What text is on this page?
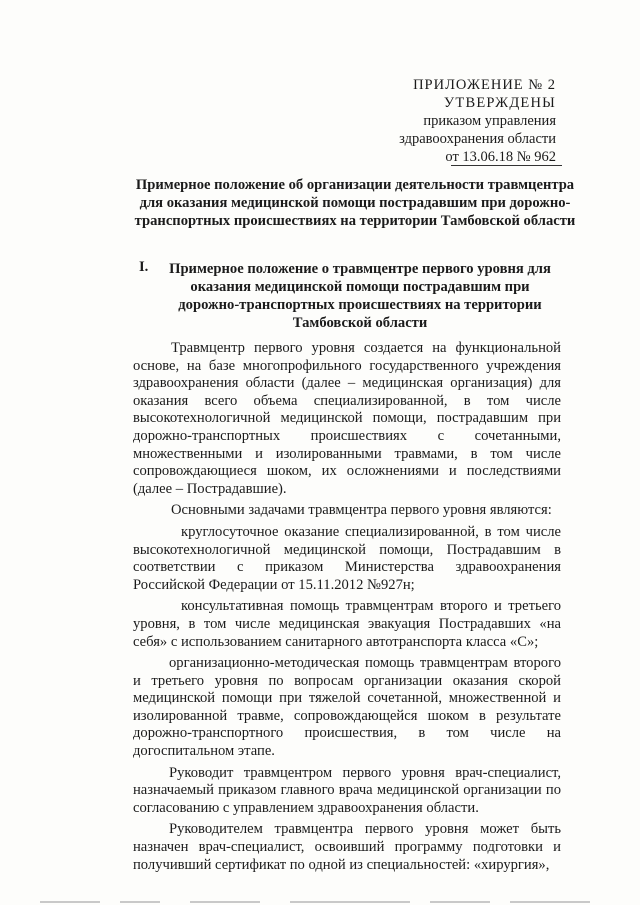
ПРИЛОЖЕНИЕ № 2
УТВЕРЖДЕНЫ
приказом управления
здравоохранения области
от 13.06.18 № 962
Примерное положение об организации деятельности травмцентра для оказания медицинской помощи пострадавшим при дорожно-транспортных происшествиях на территории Тамбовской области
I.	Примерное положение о травмцентре первого уровня для оказания медицинской помощи пострадавшим при дорожно-транспортных происшествиях на территории Тамбовской области

Травмцентр первого уровня создается на функциональной основе, на базе многопрофильного государственного учреждения здравоохранения области (далее – медицинская организация) для оказания всего объема специализированной, в том числе высокотехнологичной медицинской помощи, пострадавшим при дорожно-транспортных происшествиях с сочетанными, множественными и изолированными травмами, в том числе сопровождающиеся шоком, их осложнениями и последствиями (далее – Пострадавшие).

Основными задачами травмцентра первого уровня являются:

круглосуточное оказание специализированной, в том числе высокотехнологичной медицинской помощи, Пострадавшим в соответствии с приказом Министерства здравоохранения Российской Федерации от 15.11.2012 №927н;

консультативная помощь травмцентрам второго и третьего уровня, в том числе медицинская эвакуация Пострадавших «на себя» с использованием санитарного автотранспорта класса «С»;

организационно-методическая помощь травмцентрам второго и третьего уровня по вопросам организации оказания скорой медицинской помощи при тяжелой сочетанной, множественной и изолированной травме, сопровождающейся шоком в результате дорожно-транспортного происшествия, в том числе на догоспитальном этапе.

Руководит травмцентром первого уровня врач-специалист, назначаемый приказом главного врача медицинской организации по согласованию с управлением здравоохранения области.

Руководителем травмцентра первого уровня может быть назначен врач-специалист, освоивший программу подготовки и получивший сертификат по одной из специальностей: «хирургия»,
